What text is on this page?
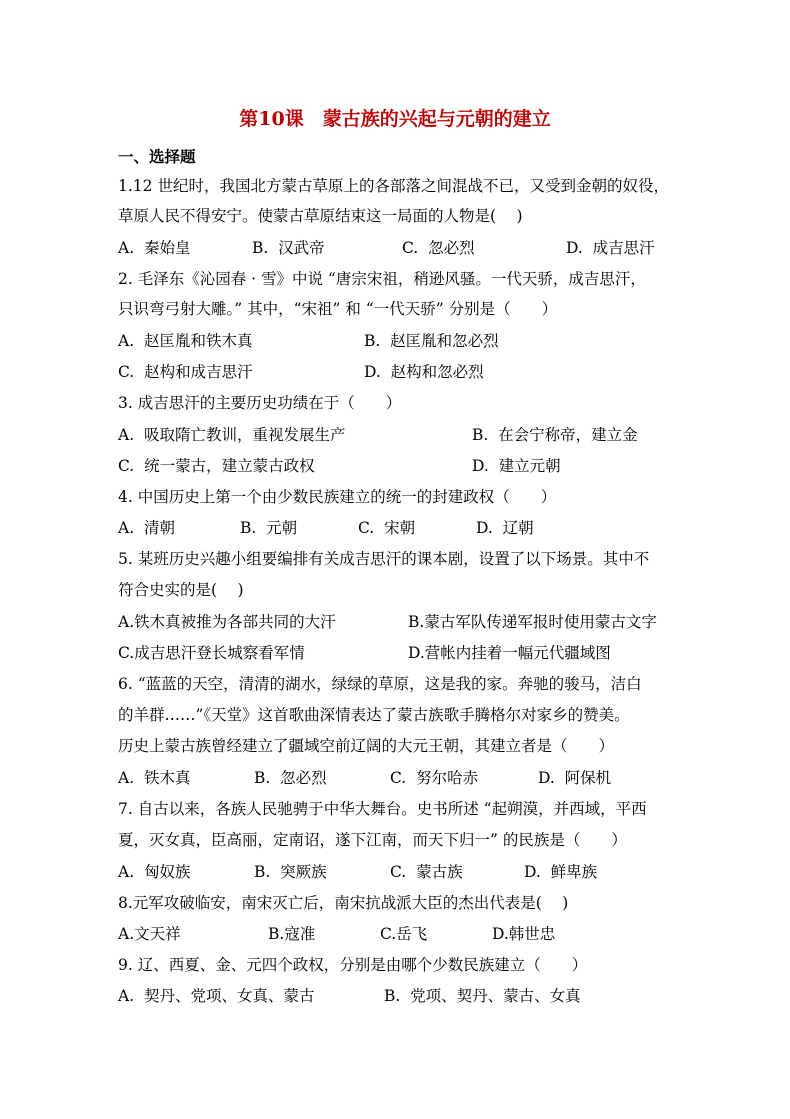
第10课　蒙古族的兴起与元朝的建立
一、选择题
1.12 世纪时，我国北方蒙古草原上的各部落之间混战不已，又受到金朝的奴役，
草原人民不得安宁。使蒙古草原结束这一局面的人物是(　 )
A.  秦始皇	B.  汉武帝	C.  忽必烈	D.  成吉思汗
2. 毛泽东《沁园春 · 雪》中说 “唐宗宋祖，稍逊风骚。一代天骄，成吉思汗，
只识弯弓射大雕。” 其中，“宋祖” 和 “一代天骄” 分别是（　　）
A.  赵匡胤和铁木真	B.  赵匡胤和忽必烈
C.  赵构和成吉思汗	D.  赵构和忽必烈
3. 成吉思汗的主要历史功绩在于（　　）
A.  吸取隋亡教训，重视发展生产	B.  在会宁称帝，建立金
C.  统一蒙古，建立蒙古政权	D.  建立元朝
4. 中国历史上第一个由少数民族建立的统一的封建政权（　　）
A.  清朝	B.  元朝	C.  宋朝	D.  辽朝
5. 某班历史兴趣小组要编排有关成吉思汗的课本剧，设置了以下场景。其中不
符合史实的是(　 )
A.铁木真被推为各部共同的大汗	B.蒙古军队传递军报时使用蒙古文字
C.成吉思汗登长城察看军情	D.营帐内挂着一幅元代疆域图
6. “蓝蓝的天空，清清的湖水，绿绿的草原，这是我的家。奔驰的骏马，洁白
的羊群……”《天堂》这首歌曲深情表达了蒙古族歌手腾格尔对家乡的赞美。
历史上蒙古族曾经建立了疆域空前辽阔的大元王朝，其建立者是（　　）
A.  铁木真	B.  忽必烈	C.  努尔哈赤	D.  阿保机
7. 自古以来，各族人民驰骋于中华大舞台。史书所述 “起朔漠，并西域，平西
夏，灭女真，臣高丽，定南诏，遂下江南，而天下归一” 的民族是（　　）
A.  匈奴族	B.  突厥族	C.  蒙古族	D.  鲜卑族
8.元军攻破临安，南宋灭亡后，南宋抗战派大臣的杰出代表是(　 )
A.文天祥	B.寇准	C.岳飞	D.韩世忠
9. 辽、西夏、金、元四个政权，分别是由哪个少数民族建立（　　）
A.  契丹、党项、女真、蒙古	B.  党项、契丹、蒙古、女真
